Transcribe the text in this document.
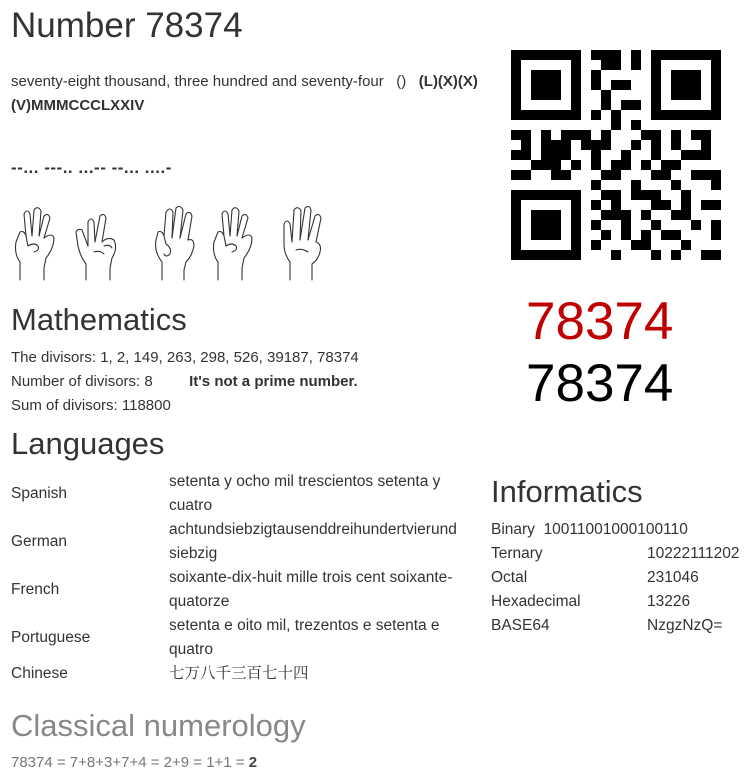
Number 78374
seventy-eight thousand, three hundred and seventy-four () (L)(X)(X)(V)MMMCCCLXXIV
--... ---.. ...-- --... ....-
78374
78374
Mathematics
The divisors: 1, 2, 149, 263, 298, 526, 39187, 78374
Number of divisors: 8 It's not a prime number.
Sum of divisors: 118800
Languages
Spanish	setenta y ocho mil trescientos setenta y cuatro
German	achtundsiebzigtausenddreihundertvierund siebzig
French	soixante-dix-huit mille trois cent soixante-quatorze
Portuguese	setenta e oito mil, trezentos e setenta e quatro
Chinese	七万八千三百七十四
Informatics
Binary 10011001000100110
Ternary	10222111202
Octal	231046
Hexadecimal	13226
BASE64	NzgzNzQ=
Classical numerology
78374 = 7+8+3+7+4 = 2+9 = 1+1 = 2
